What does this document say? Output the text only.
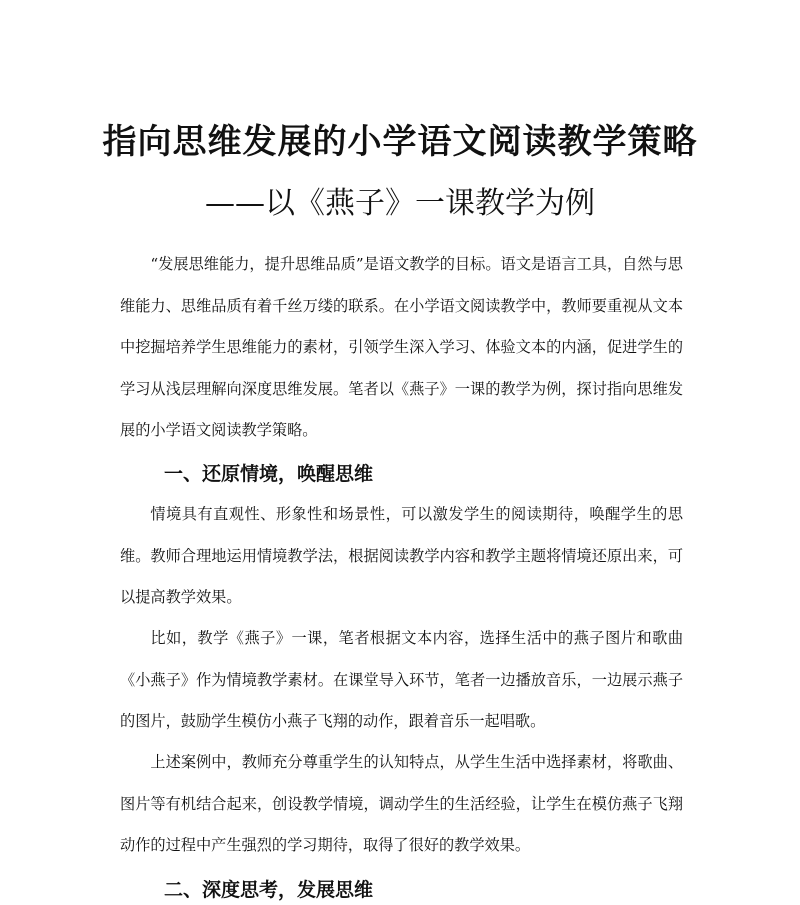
指向思维发展的小学语文阅读教学策略
——以《燕子》一课教学为例

“发展思维能力，提升思维品质”是语文教学的目标。语文是语言工具，自然与思维能力、思维品质有着千丝万缕的联系。在小学语文阅读教学中，教师要重视从文本中挖掘培养学生思维能力的素材，引领学生深入学习、体验文本的内涵，促进学生的学习从浅层理解向深度思维发展。笔者以《燕子》一课的教学为例，探讨指向思维发展的小学语文阅读教学策略。

一、还原情境，唤醒思维

情境具有直观性、形象性和场景性，可以激发学生的阅读期待，唤醒学生的思维。教师合理地运用情境教学法，根据阅读教学内容和教学主题将情境还原出来，可以提高教学效果。

比如，教学《燕子》一课，笔者根据文本内容，选择生活中的燕子图片和歌曲《小燕子》作为情境教学素材。在课堂导入环节，笔者一边播放音乐，一边展示燕子的图片，鼓励学生模仿小燕子飞翔的动作，跟着音乐一起唱歌。

上述案例中，教师充分尊重学生的认知特点，从学生生活中选择素材，将歌曲、图片等有机结合起来，创设教学情境，调动学生的生活经验，让学生在模仿燕子飞翔动作的过程中产生强烈的学习期待，取得了很好的教学效果。

二、深度思考，发展思维
